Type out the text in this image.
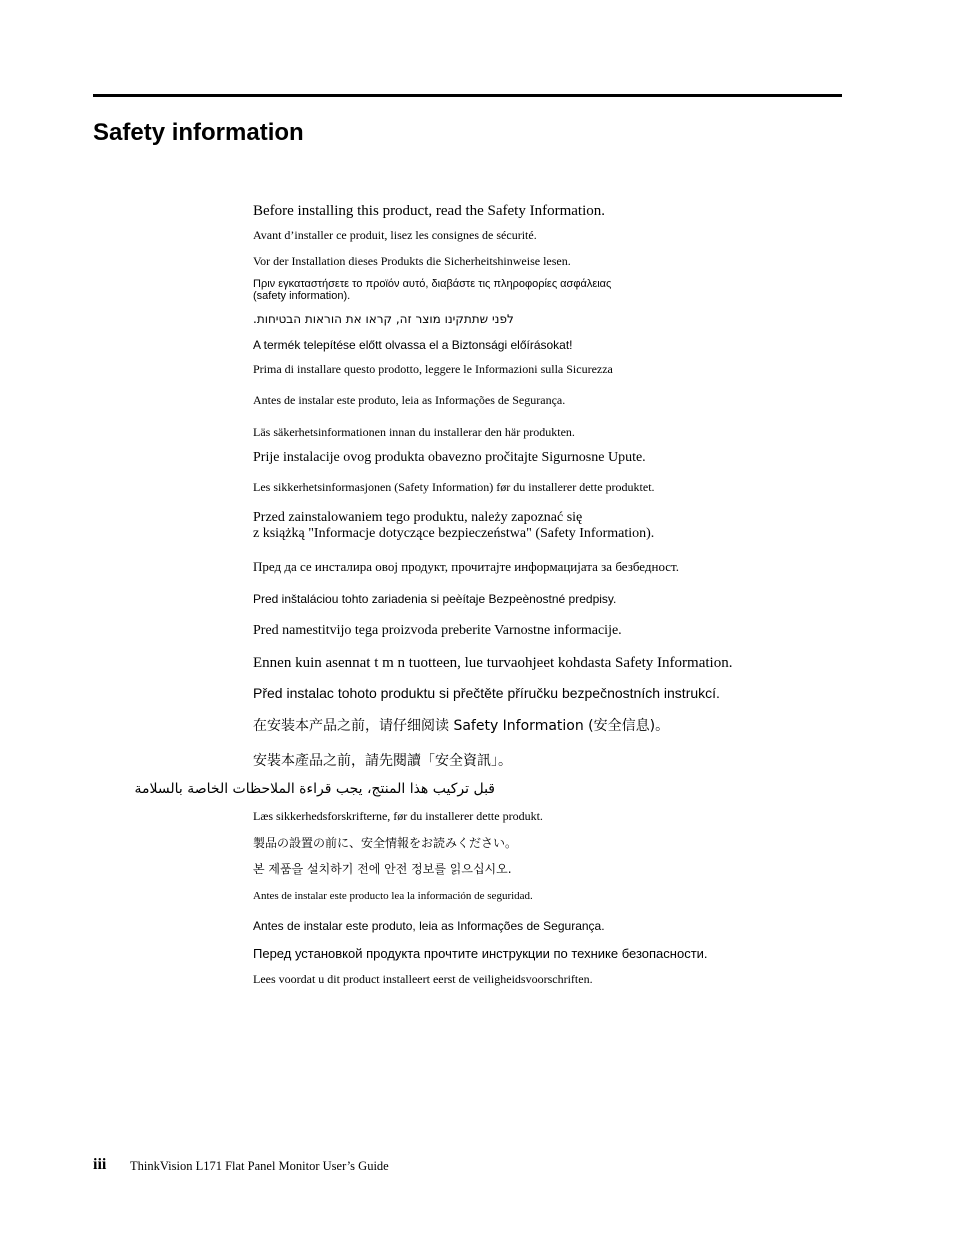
Safety information

Before installing this product, read the Safety Information.

Avant d’installer ce produit, lisez les consignes de sécurité.

Vor der Installation dieses Produkts die Sicherheitshinweise lesen.

Πριν εγκαταστήσετε το προϊόν αυτό, διαβάστε τις πληροφορίες ασφάλειας

(safety information).

לפני שתתקינו מוצר זה, קראו את הוראות הבטיחות.

A termék telepítése előtt olvassa el a Biztonsági előírásokat!

Prima di installare questo prodotto, leggere le Informazioni sulla Sicurezza

Antes de instalar este produto, leia as Informações de Segurança.

Läs säkerhetsinformationen innan du installerar den här produkten.

Prije instalacije ovog produkta obavezno pročitajte Sigurnosne Upute.

Les sikkerhetsinformasjonen (Safety Information) før du installerer dette produktet.

Przed zainstalowaniem tego produktu, należy zapoznać się

z książką "Informacje dotyczące bezpieczeństwa" (Safety Information).

Пред да се инсталира овој продукт, прочитајте информацијата за безбедност.

Pred inštaláciou tohto zariadenia si peèítaje Bezpeènostné predpisy.

Pred namestitvijo tega proizvoda preberite Varnostne informacije.

Ennen kuin asennat t m n tuotteen, lue turvaohjeet kohdasta Safety Information.

Před instalac tohoto produktu si přečtěte příručku bezpečnostních instrukcí.

在安装本产品之前，请仔细阅读 Safety Information (安全信息)。

安裝本產品之前，請先閱讀「安全資訊」。

قبل تركيب هذا المنتج، يجب قراءة الملاحظات الخاصة بالسلامة

Læs sikkerhedsforskrifterne, før du installerer dette produkt.

製品の設置の前に、安全情報をお読みください。

본 제품을 설치하기 전에 안전 정보를 읽으십시오.

Antes de instalar este producto lea la información de seguridad.

Antes de instalar este produto, leia as Informações de Segurança.

Перед установкой продукта прочтите инструкции по технике безопасности.

Lees voordat u dit product installeert eerst de veiligheidsvoorschriften.

iii ThinkVision L171 Flat Panel Monitor User’s Guide
